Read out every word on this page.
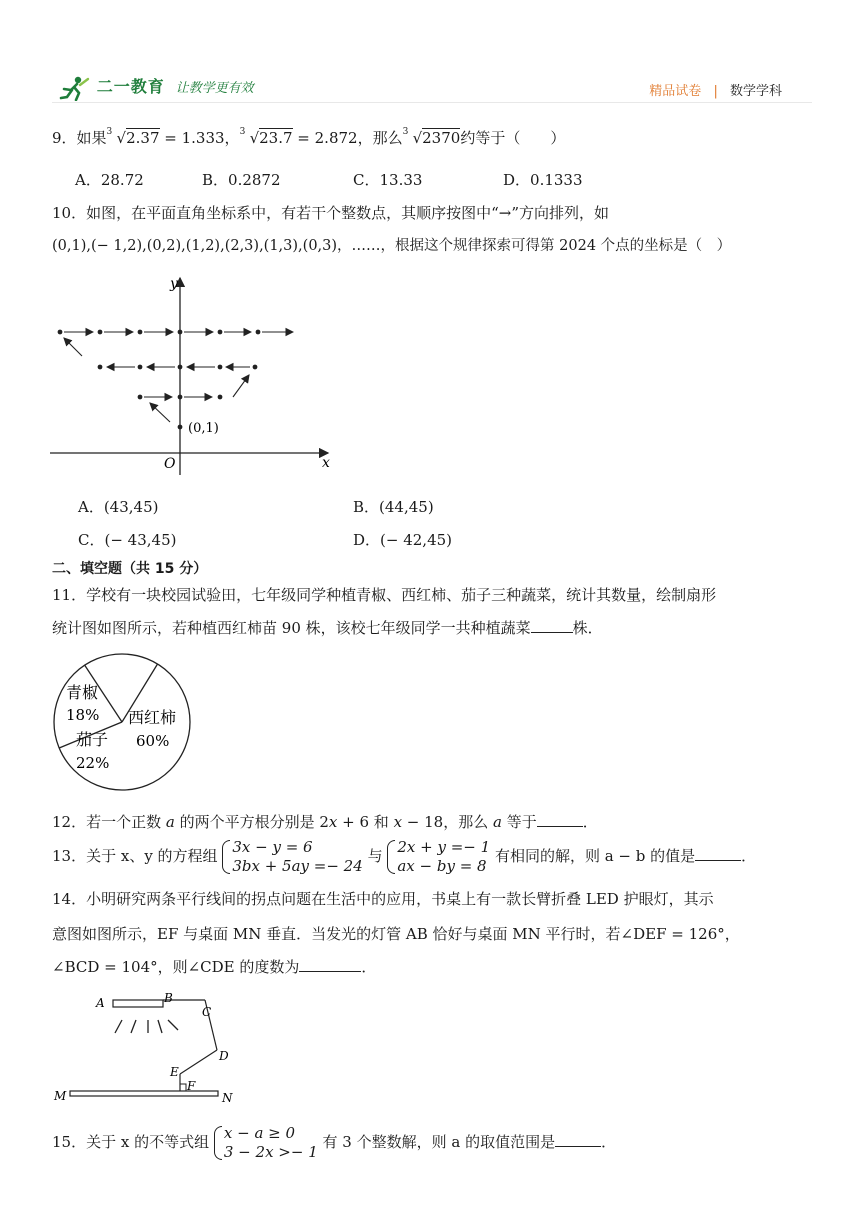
二一教育 让教学更有效	精品试卷 | 数学学科
9．如果 3 √2.37 = 1.333， 3 √23.7 = 2.872，那么 3 √2370约等于（　　）
A．28.72	B．0.2872	C．13.33	D．0.1333
10．如图，在平面直角坐标系中，有若干个整数点，其顺序按图中“→”方向排列，如
(0,1),(− 1,2),(0,2),(1,2),(2,3),(1,3),(0,3)，……，根据这个规律探索可得第 2024 个点的坐标是（　）
y
x
O
(0,1)
A．(43,45)	B．(44,45)
C．(− 43,45)	D．(− 42,45)
二、填空题（共 15 分）
11．学校有一块校园试验田，七年级同学种植青椒、西红柿、茄子三种蔬菜，统计其数量，绘制扇形
统计图如图所示，若种植西红柿苗 90 株，该校七年级同学一共种植蔬菜	株．
青椒
18% 西红柿
60%
茄子
22%
12．若一个正数 a 的两个平方根分别是 2x + 6 和 x − 18，那么 a 等于	．
13．关于 x、y 的方程组 3x − y = 6
3bx + 5ay =− 24 与 2x + y =− 1
ax − by = 8 有相同的解，则 a − b 的值是	．
14．小明研究两条平行线间的拐点问题在生活中的应用，书桌上有一款长臂折叠 LED 护眼灯，其示
意图如图所示，EF 与桌面 MN 垂直．当发光的灯管 AB 恰好与桌面 MN 平行时，若∠DEF = 126°，
∠BCD = 104°，则∠CDE 的度数为	．
A	B
C
D
E
F
M	N
15．关于 x 的不等式组 x − a ≥ 0
3 − 2x >− 1 有 3 个整数解，则 a 的取值范围是	．
